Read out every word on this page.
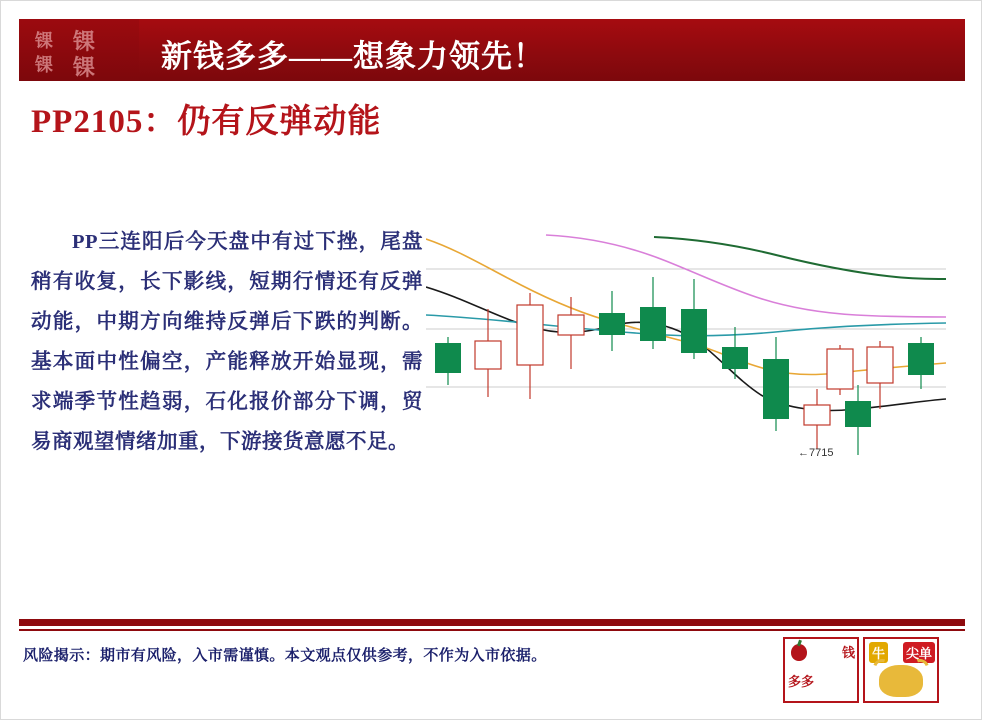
锞 锞
锞 锞 新钱多多——想象力领先！
PP2105：仍有反弹动能
PP三连阳后今天盘中有过下挫，尾盘稍有收复，长下影线，短期行情还有反弹动能，中期方向维持反弹后下跌的判断。基本面中性偏空，产能释放开始显现，需求端季节性趋弱，石化报价部分下调，贸易商观望情绪加重，下游接货意愿不足。
←7715
风险揭示：期市有风险，入市需谨慎。本文观点仅供参考，不作为入市依据。	钱
多多
牛 尖单
